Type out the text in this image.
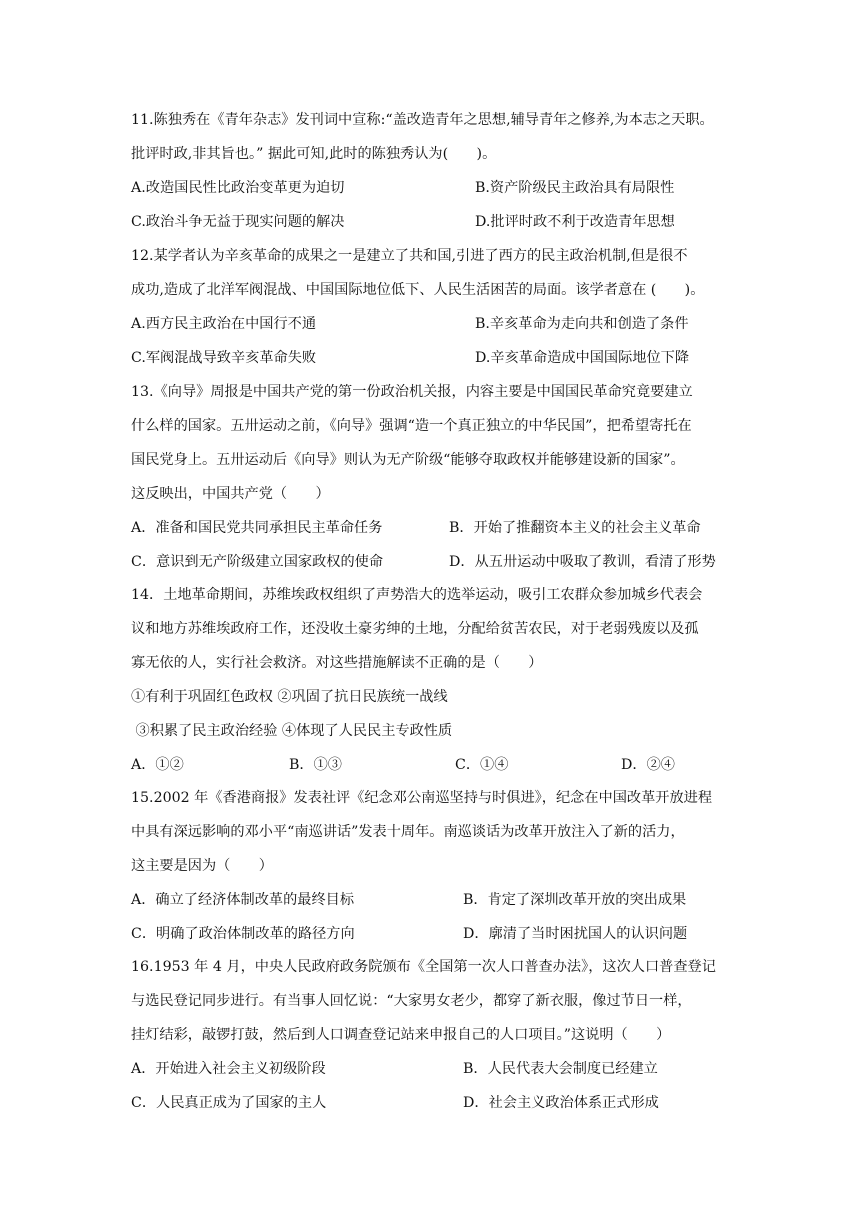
11.陈独秀在《青年杂志》发刊词中宣称:“盖改造青年之思想,辅导青年之修养,为本志之天职。
批评时政,非其旨也。” 据此可知,此时的陈独秀认为(　　)。
A.改造国民性比政治变革更为迫切	B.资产阶级民主政治具有局限性
C.政治斗争无益于现实问题的解决	D.批评时政不利于改造青年思想
12.某学者认为辛亥革命的成果之一是建立了共和国,引进了西方的民主政治机制,但是很不
成功,造成了北洋军阀混战、中国国际地位低下、人民生活困苦的局面。该学者意在 (　　)。
A.西方民主政治在中国行不通	B.辛亥革命为走向共和创造了条件
C.军阀混战导致辛亥革命失败	D.辛亥革命造成中国国际地位下降
13.《向导》周报是中国共产党的第一份政治机关报，内容主要是中国国民革命究竟要建立
什么样的国家。五卅运动之前，《向导》强调“造一个真正独立的中华民国”，把希望寄托在
国民党身上。五卅运动后《向导》则认为无产阶级“能够夺取政权并能够建设新的国家”。
这反映出，中国共产党（　　）
A．准备和国民党共同承担民主革命任务	B．开始了推翻资本主义的社会主义革命
C．意识到无产阶级建立国家政权的使命	D．从五卅运动中吸取了教训，看清了形势
14．土地革命期间，苏维埃政权组织了声势浩大的选举运动，吸引工农群众参加城乡代表会
议和地方苏维埃政府工作，还没收土豪劣绅的土地，分配给贫苦农民，对于老弱残废以及孤
寡无依的人，实行社会救济。对这些措施解读不正确的是（　　）
①有利于巩固红色政权 ②巩固了抗日民族统一战线
③积累了民主政治经验 ④体现了人民民主专政性质
A．①②	B．①③	C．①④	D．②④
15.2002 年《香港商报》发表社评《纪念邓公南巡坚持与时俱进》，纪念在中国改革开放进程
中具有深远影响的邓小平“南巡讲话”发表十周年。南巡谈话为改革开放注入了新的活力，
这主要是因为（　　）
A．确立了经济体制改革的最终目标	B．肯定了深圳改革开放的突出成果
C．明确了政治体制改革的路径方向	D．廓清了当时困扰国人的认识问题
16.1953 年 4 月，中央人民政府政务院颁布《全国第一次人口普查办法》，这次人口普查登记
与选民登记同步进行。有当事人回忆说：“大家男女老少，都穿了新衣服，像过节日一样，
挂灯结彩，敲锣打鼓，然后到人口调查登记站来申报自己的人口项目。”这说明（　　）
A．开始进入社会主义初级阶段	B．人民代表大会制度已经建立
C．人民真正成为了国家的主人	D．社会主义政治体系正式形成
